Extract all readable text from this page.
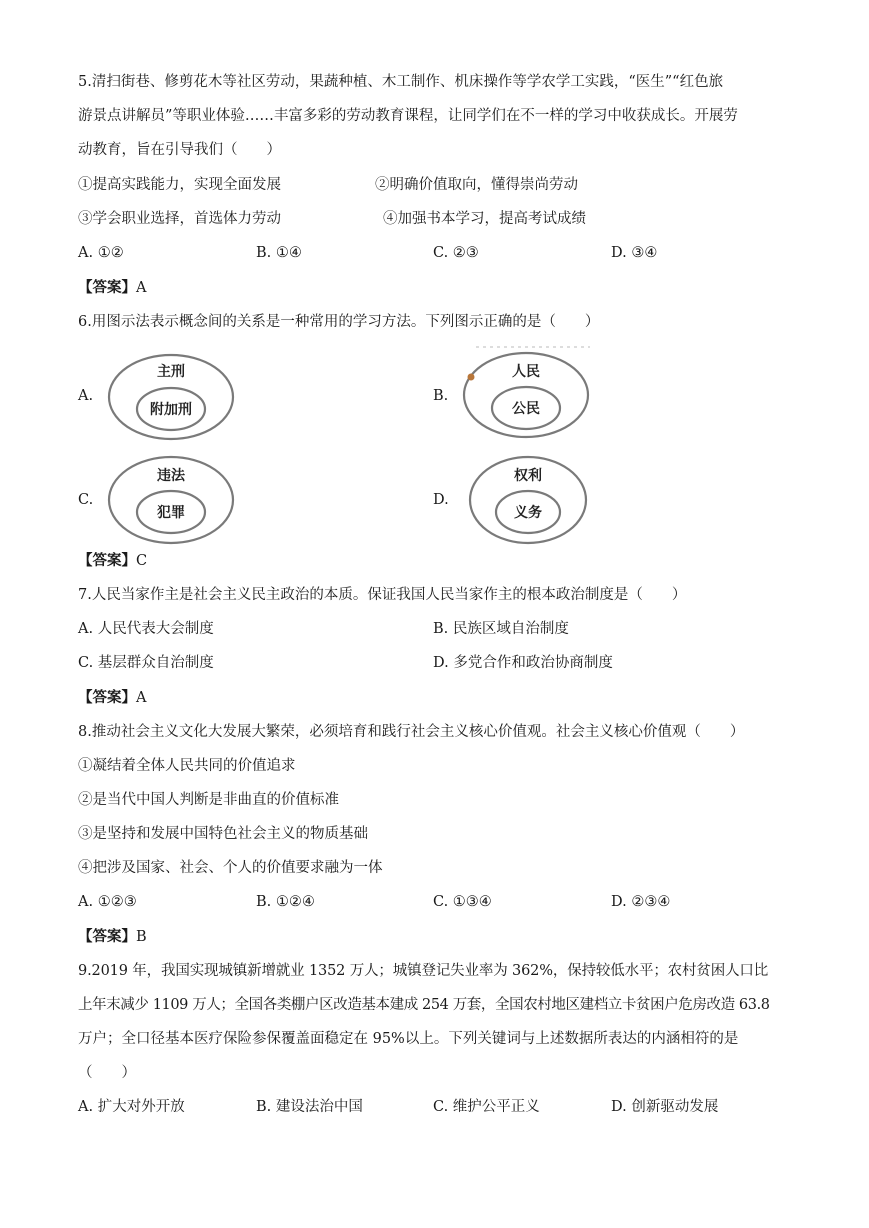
5.清扫街巷、修剪花木等社区劳动，果蔬种植、木工制作、机床操作等学农学工实践，“医生”“红色旅
游景点讲解员”等职业体验……丰富多彩的劳动教育课程，让同学们在不一样的学习中收获成长。开展劳
动教育，旨在引导我们（　　）
①提高实践能力，实现全面发展	②明确价值取向，懂得崇尚劳动
③学会职业选择，首选体力劳动	④加强书本学习，提高考试成绩
A. ①②	B. ①④	C. ②③	D. ③④
【答案】A
6.用图示法表示概念间的关系是一种常用的学习方法。下列图示正确的是（　　）
A.
主刑
附加刑
B.
人民
公民
C.
违法
犯罪
D.
权利
义务
【答案】C
7.人民当家作主是社会主义民主政治的本质。保证我国人民当家作主的根本政治制度是（　　）
A. 人民代表大会制度	B. 民族区域自治制度
C. 基层群众自治制度	D. 多党合作和政治协商制度
【答案】A
8.推动社会主义文化大发展大繁荣，必须培育和践行社会主义核心价值观。社会主义核心价值观（　　）
①凝结着全体人民共同的价值追求
②是当代中国人判断是非曲直的价值标准
③是坚持和发展中国特色社会主义的物质基础
④把涉及国家、社会、个人的价值要求融为一体
A. ①②③	B. ①②④	C. ①③④	D. ②③④
【答案】B
9.2019 年，我国实现城镇新增就业 1352 万人；城镇登记失业率为 362%，保持较低水平；农村贫困人口比
上年末减少 1109 万人；全国各类棚户区改造基本建成 254 万套，全国农村地区建档立卡贫困户危房改造 63.8
万户；全口径基本医疗保险参保覆盖面稳定在 95%以上。下列关键词与上述数据所表达的内涵相符的是
（　　）
A. 扩大对外开放	B. 建设法治中国	C. 维护公平正义	D. 创新驱动发展
